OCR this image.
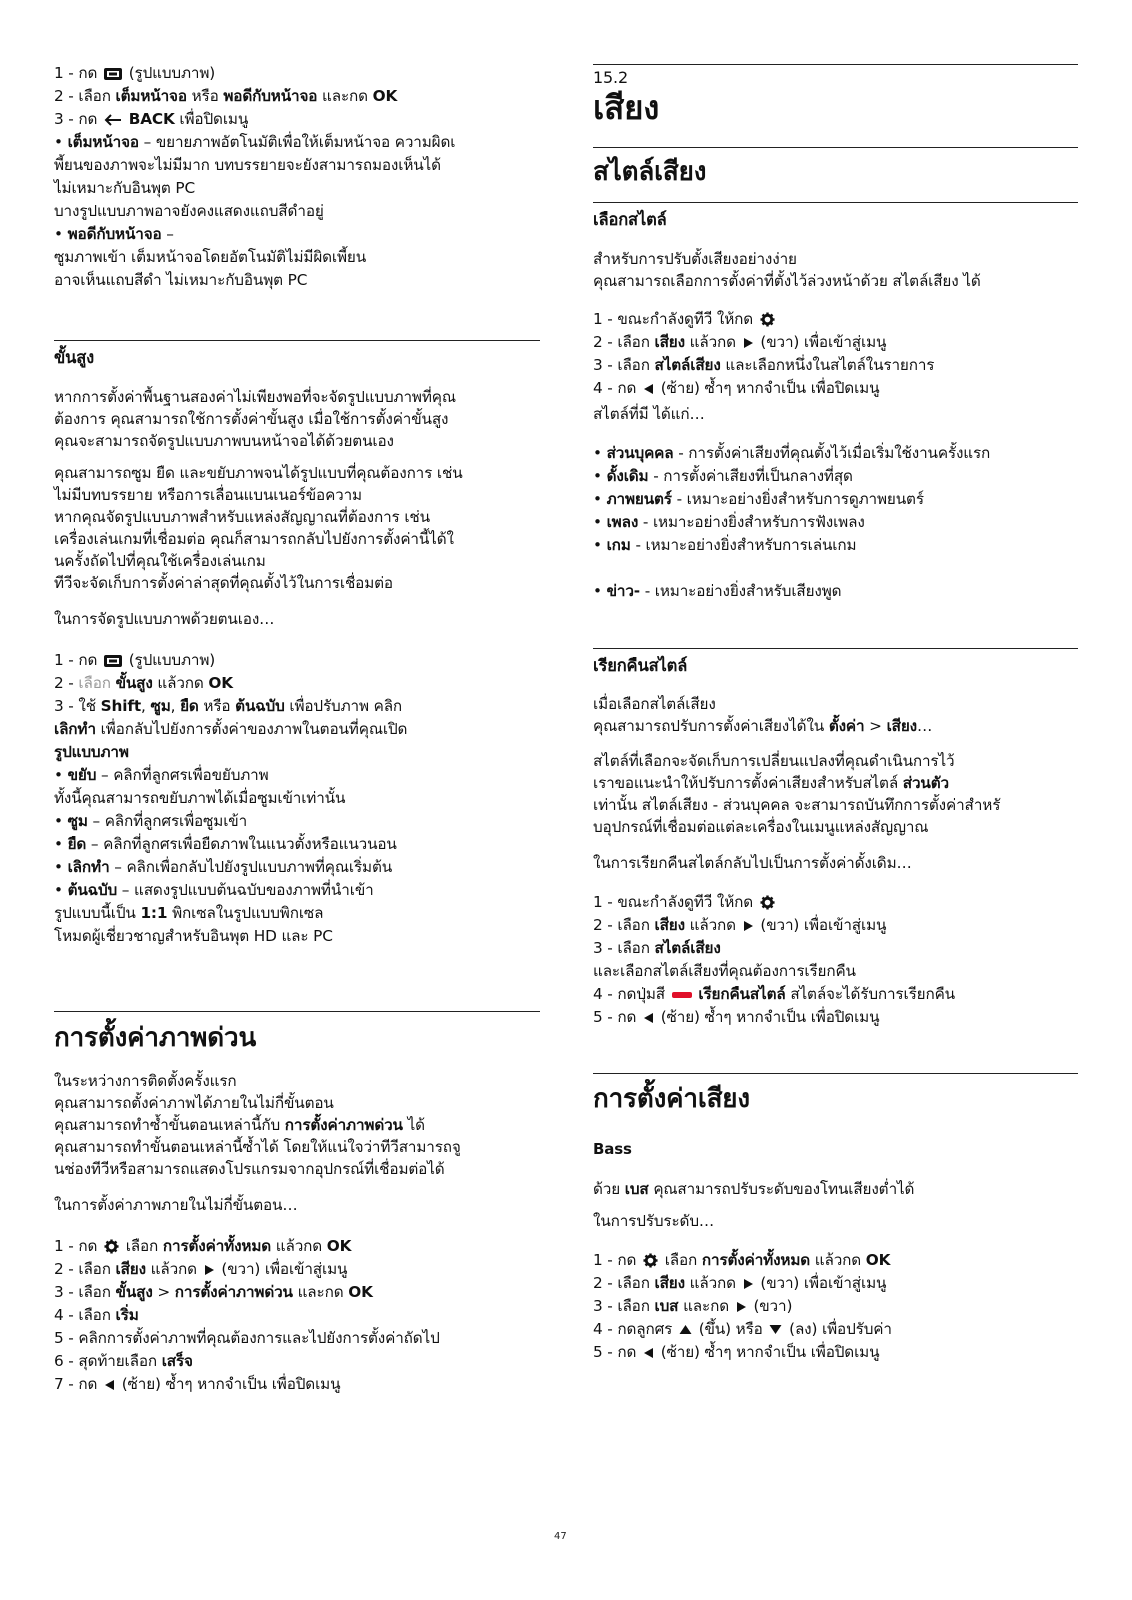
1 - กด (รูปแบบภาพ)
2 - เลือก เต็มหน้าจอ หรือ พอดีกับหน้าจอ และกด OK
3 - กด BACK เพื่อปิดเมนู
• เต็มหน้าจอ – ขยายภาพอัตโนมัติเพื่อให้เต็มหน้าจอ ความผิดเ
พี้ยนของภาพจะไม่มีมาก บทบรรยายจะยังสามารถมองเห็นได้
ไม่เหมาะกับอินพุต PC
บางรูปแบบภาพอาจยังคงแสดงแถบสีดำอยู่
• พอดีกับหน้าจอ –
ซูมภาพเข้า เต็มหน้าจอโดยอัตโนมัติไม่มีผิดเพี้ยน
อาจเห็นแถบสีดำ ไม่เหมาะกับอินพุต PC
ขั้นสูง
หากการตั้งค่าพื้นฐานสองค่าไม่เพียงพอที่จะจัดรูปแบบภาพที่คุณ
ต้องการ คุณสามารถใช้การตั้งค่าขั้นสูง เมื่อใช้การตั้งค่าขั้นสูง
คุณจะสามารถจัดรูปแบบภาพบนหน้าจอได้ด้วยตนเอง
คุณสามารถซูม ยืด และขยับภาพจนได้รูปแบบที่คุณต้องการ เช่น
ไม่มีบทบรรยาย หรือการเลื่อนแบนเนอร์ข้อความ
หากคุณจัดรูปแบบภาพสำหรับแหล่งสัญญาณที่ต้องการ เช่น
เครื่องเล่นเกมที่เชื่อมต่อ คุณก็สามารถกลับไปยังการตั้งค่านี้ได้ใ
นครั้งถัดไปที่คุณใช้เครื่องเล่นเกม
ทีวีจะจัดเก็บการตั้งค่าล่าสุดที่คุณตั้งไว้ในการเชื่อมต่อ
ในการจัดรูปแบบภาพด้วยตนเอง…
1 - กด (รูปแบบภาพ)
2 - เลือก ขั้นสูง แล้วกด OK
3 - ใช้ Shift, ซูม, ยืด หรือ ต้นฉบับ เพื่อปรับภาพ คลิก
เลิกทำ เพื่อกลับไปยังการตั้งค่าของภาพในตอนที่คุณเปิด
รูปแบบภาพ
• ขยับ – คลิกที่ลูกศรเพื่อขยับภาพ
ทั้งนี้คุณสามารถขยับภาพได้เมื่อซูมเข้าเท่านั้น
• ซูม – คลิกที่ลูกศรเพื่อซูมเข้า
• ยืด – คลิกที่ลูกศรเพื่อยืดภาพในแนวตั้งหรือแนวนอน
• เลิกทำ – คลิกเพื่อกลับไปยังรูปแบบภาพที่คุณเริ่มต้น
• ต้นฉบับ – แสดงรูปแบบต้นฉบับของภาพที่นำเข้า
รูปแบบนี้เป็น 1:1 พิกเซลในรูปแบบพิกเซล
โหมดผู้เชี่ยวชาญสำหรับอินพุต HD และ PC
การตั้งค่าภาพด่วน
ในระหว่างการติดตั้งครั้งแรก
คุณสามารถตั้งค่าภาพได้ภายในไม่กี่ขั้นตอน
คุณสามารถทำซ้ำขั้นตอนเหล่านี้กับ การตั้งค่าภาพด่วน ได้
คุณสามารถทำขั้นตอนเหล่านี้ซ้ำได้ โดยให้แน่ใจว่าทีวีสามารถจู
นช่องทีวีหรือสามารถแสดงโปรแกรมจากอุปกรณ์ที่เชื่อมต่อได้
ในการตั้งค่าภาพภายในไม่กี่ขั้นตอน…
1 - กด เลือก การตั้งค่าทั้งหมด แล้วกด OK
2 - เลือก เสียง แล้วกด (ขวา) เพื่อเข้าสู่เมนู
3 - เลือก ขั้นสูง > การตั้งค่าภาพด่วน และกด OK
4 - เลือก เริ่ม
5 - คลิกการตั้งค่าภาพที่คุณต้องการและไปยังการตั้งค่าถัดไป
6 - สุดท้ายเลือก เสร็จ
7 - กด (ซ้าย) ซ้ำๆ หากจำเป็น เพื่อปิดเมนู
15.2
เสียง
สไตล์เสียง
เลือกสไตล์
สำหรับการปรับตั้งเสียงอย่างง่าย
คุณสามารถเลือกการตั้งค่าที่ตั้งไว้ล่วงหน้าด้วย สไตล์เสียง ได้
1 - ขณะกำลังดูทีวี ให้กด
2 - เลือก เสียง แล้วกด (ขวา) เพื่อเข้าสู่เมนู
3 - เลือก สไตล์เสียง และเลือกหนึ่งในสไตล์ในรายการ
4 - กด (ซ้าย) ซ้ำๆ หากจำเป็น เพื่อปิดเมนู
สไตล์ที่มี ได้แก่…
• ส่วนบุคคล - การตั้งค่าเสียงที่คุณตั้งไว้เมื่อเริ่มใช้งานครั้งแรก
• ดั้งเดิม - การตั้งค่าเสียงที่เป็นกลางที่สุด
• ภาพยนตร์ - เหมาะอย่างยิ่งสำหรับการดูภาพยนตร์
• เพลง - เหมาะอย่างยิ่งสำหรับการฟังเพลง
• เกม - เหมาะอย่างยิ่งสำหรับการเล่นเกม
• ข่าว- - เหมาะอย่างยิ่งสำหรับเสียงพูด
เรียกคืนสไตล์
เมื่อเลือกสไตล์เสียง
คุณสามารถปรับการตั้งค่าเสียงได้ใน ตั้งค่า > เสียง…
สไตล์ที่เลือกจะจัดเก็บการเปลี่ยนแปลงที่คุณดำเนินการไว้
เราขอแนะนำให้ปรับการตั้งค่าเสียงสำหรับสไตล์ ส่วนตัว
เท่านั้น สไตล์เสียง - ส่วนบุคคล จะสามารถบันทึกการตั้งค่าสำหรั
บอุปกรณ์ที่เชื่อมต่อแต่ละเครื่องในเมนูแหล่งสัญญาณ
ในการเรียกคืนสไตล์กลับไปเป็นการตั้งค่าดั้งเดิม…
1 - ขณะกำลังดูทีวี ให้กด
2 - เลือก เสียง แล้วกด (ขวา) เพื่อเข้าสู่เมนู
3 - เลือก สไตล์เสียง
และเลือกสไตล์เสียงที่คุณต้องการเรียกคืน
4 - กดปุ่มสี เรียกคืนสไตล์ สไตล์จะได้รับการเรียกคืน
5 - กด (ซ้าย) ซ้ำๆ หากจำเป็น เพื่อปิดเมนู
การตั้งค่าเสียง
Bass
ด้วย เบส คุณสามารถปรับระดับของโทนเสียงต่ำได้
ในการปรับระดับ…
1 - กด เลือก การตั้งค่าทั้งหมด แล้วกด OK
2 - เลือก เสียง แล้วกด (ขวา) เพื่อเข้าสู่เมนู
3 - เลือก เบส และกด (ขวา)
4 - กดลูกศร (ขึ้น) หรือ (ลง) เพื่อปรับค่า
5 - กด (ซ้าย) ซ้ำๆ หากจำเป็น เพื่อปิดเมนู
47
